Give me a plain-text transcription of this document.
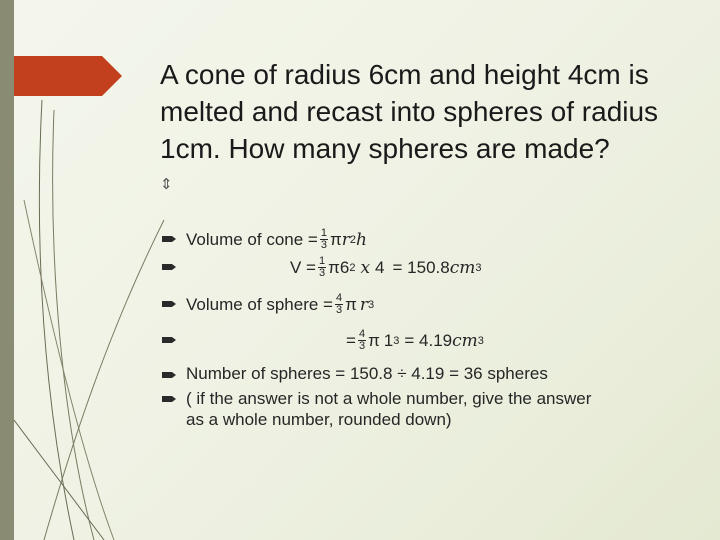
A cone of radius 6cm and height 4cm is melted and recast into spheres of radius 1cm. How many spheres are made?
⇕
Volume of cone = $\frac{1}{3}$ π r 2 h
$V = \frac{1}{3}$ π 6 2 x 4 = 150.8 cm 3
Volume of sphere = $\frac{4}{3}$ π r 3
= $\frac{4}{3}$ π 1 3 = 4.19 cm 3
Number of spheres = 150.8 ÷ 4.19 = 36 spheres
( if the answer is not a whole number, give the answer
as a whole number, rounded down)
